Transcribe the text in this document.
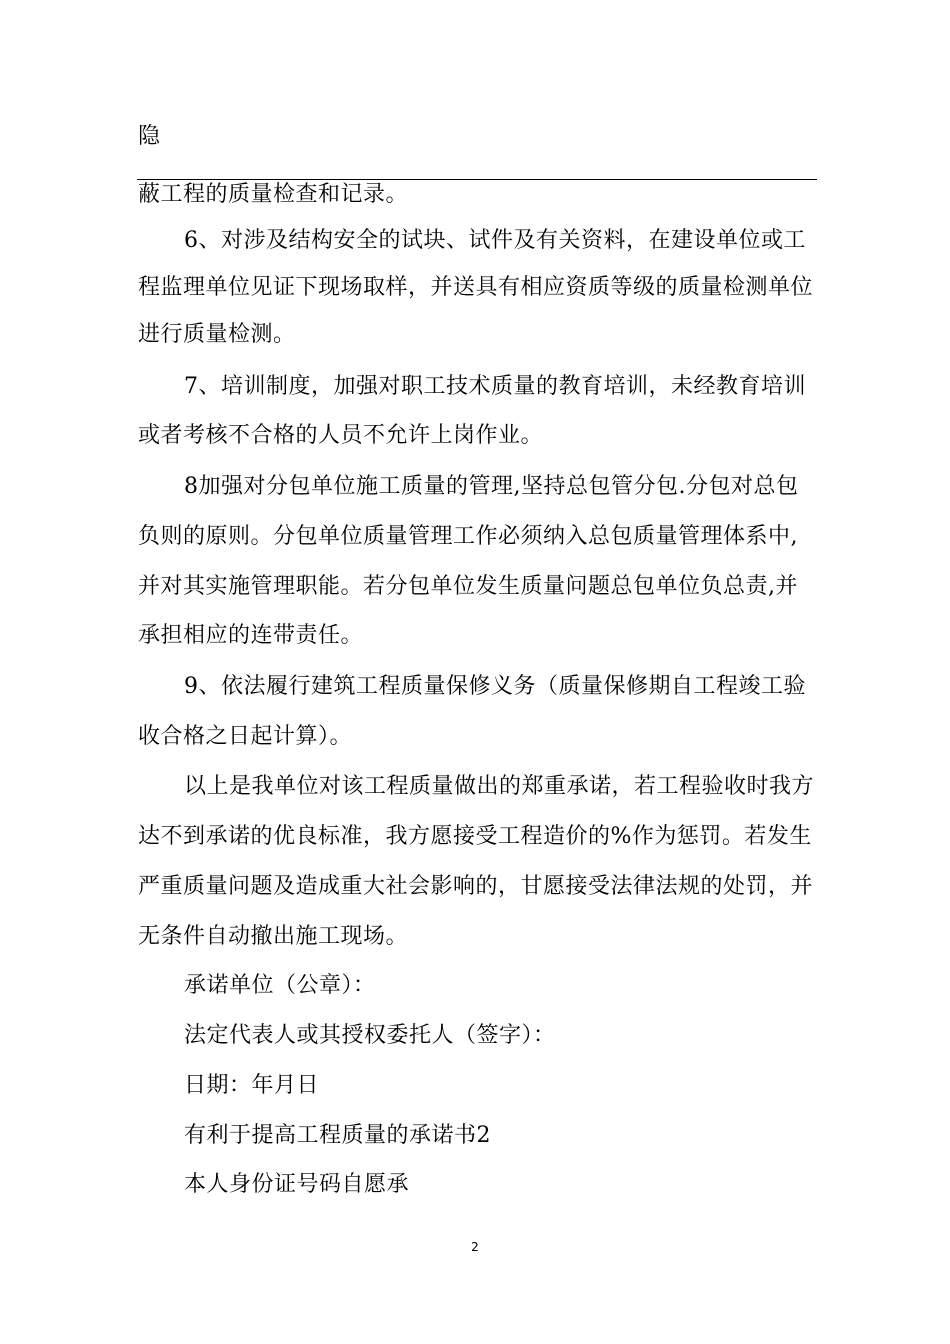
隐
蔽工程的质量检查和记录。
6、对涉及结构安全的试块、试件及有关资料，在建设单位或工
程监理单位见证下现场取样，并送具有相应资质等级的质量检测单位
进行质量检测。
7、培训制度，加强对职工技术质量的教育培训，未经教育培训
或者考核不合格的人员不允许上岗作业。
8加强对分包单位施工质量的管理,坚持总包管分包.分包对总包
负则的原则。分包单位质量管理工作必须纳入总包质量管理体系中,
并对其实施管理职能。若分包单位发生质量问题总包单位负总责,并
承担相应的连带责任。
9、依法履行建筑工程质量保修义务（质量保修期自工程竣工验
收合格之日起计算）。
以上是我单位对该工程质量做出的郑重承诺，若工程验收时我方
达不到承诺的优良标准，我方愿接受工程造价的%作为惩罚。若发生
严重质量问题及造成重大社会影响的，甘愿接受法律法规的处罚，并
无条件自动撤出施工现场。
承诺单位（公章）：
法定代表人或其授权委托人（签字）：
日期：年月日
有利于提高工程质量的承诺书2
本人身份证号码自愿承
2
